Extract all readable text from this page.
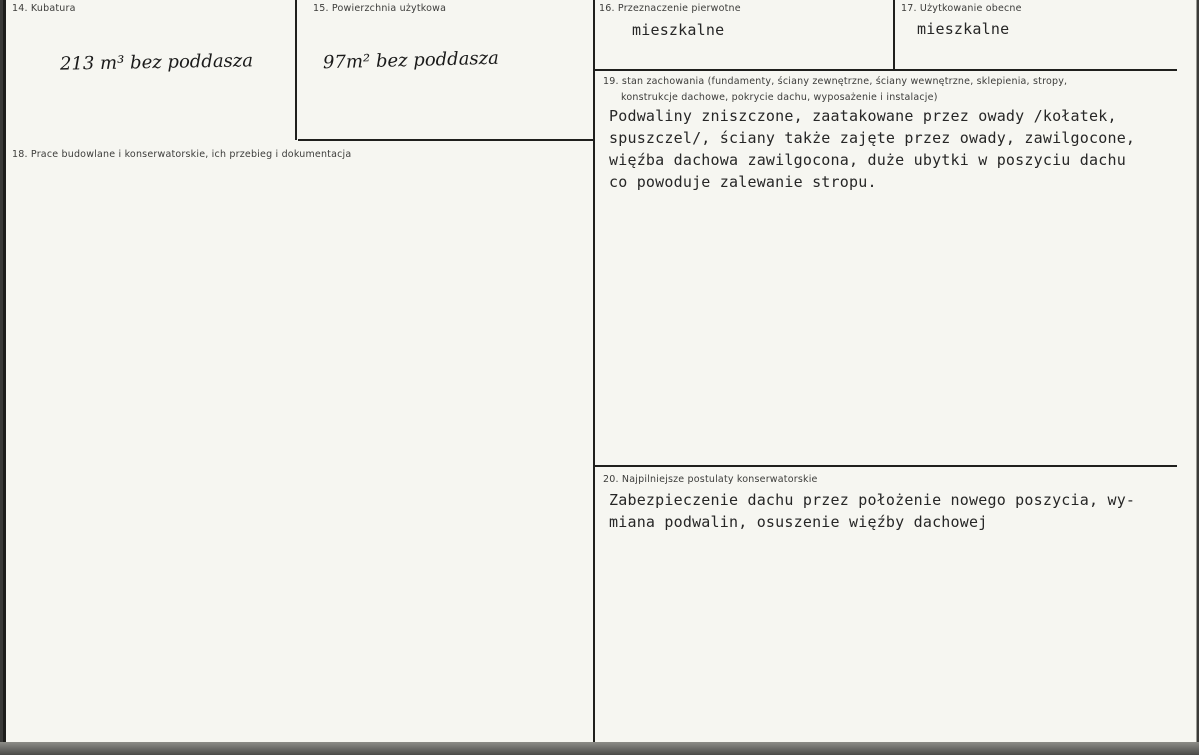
14. Kubatura
213 m³ bez poddasza
15. Powierzchnia użytkowa
97m² bez poddasza
16. Przeznaczenie pierwotne
mieszkalne
17. Użytkowanie obecne
mieszkalne
18. Prace budowlane i konserwatorskie, ich przebieg i dokumentacja
19. stan zachowania (fundamenty, ściany zewnętrzne, ściany wewnętrzne, sklepienia, stropy,
konstrukcje dachowe, pokrycie dachu, wyposażenie i instalacje)
Podwaliny zniszczone, zaatakowane przez owady /kołatek,
spuszczel/, ściany także zajęte przez owady, zawilgocone,
więźba dachowa zawilgocona, duże ubytki w poszyciu dachu
co powoduje zalewanie stropu.
20. Najpilniejsze postulaty konserwatorskie
Zabezpieczenie dachu przez położenie nowego poszycia, wy-
miana podwalin, osuszenie więźby dachowej
